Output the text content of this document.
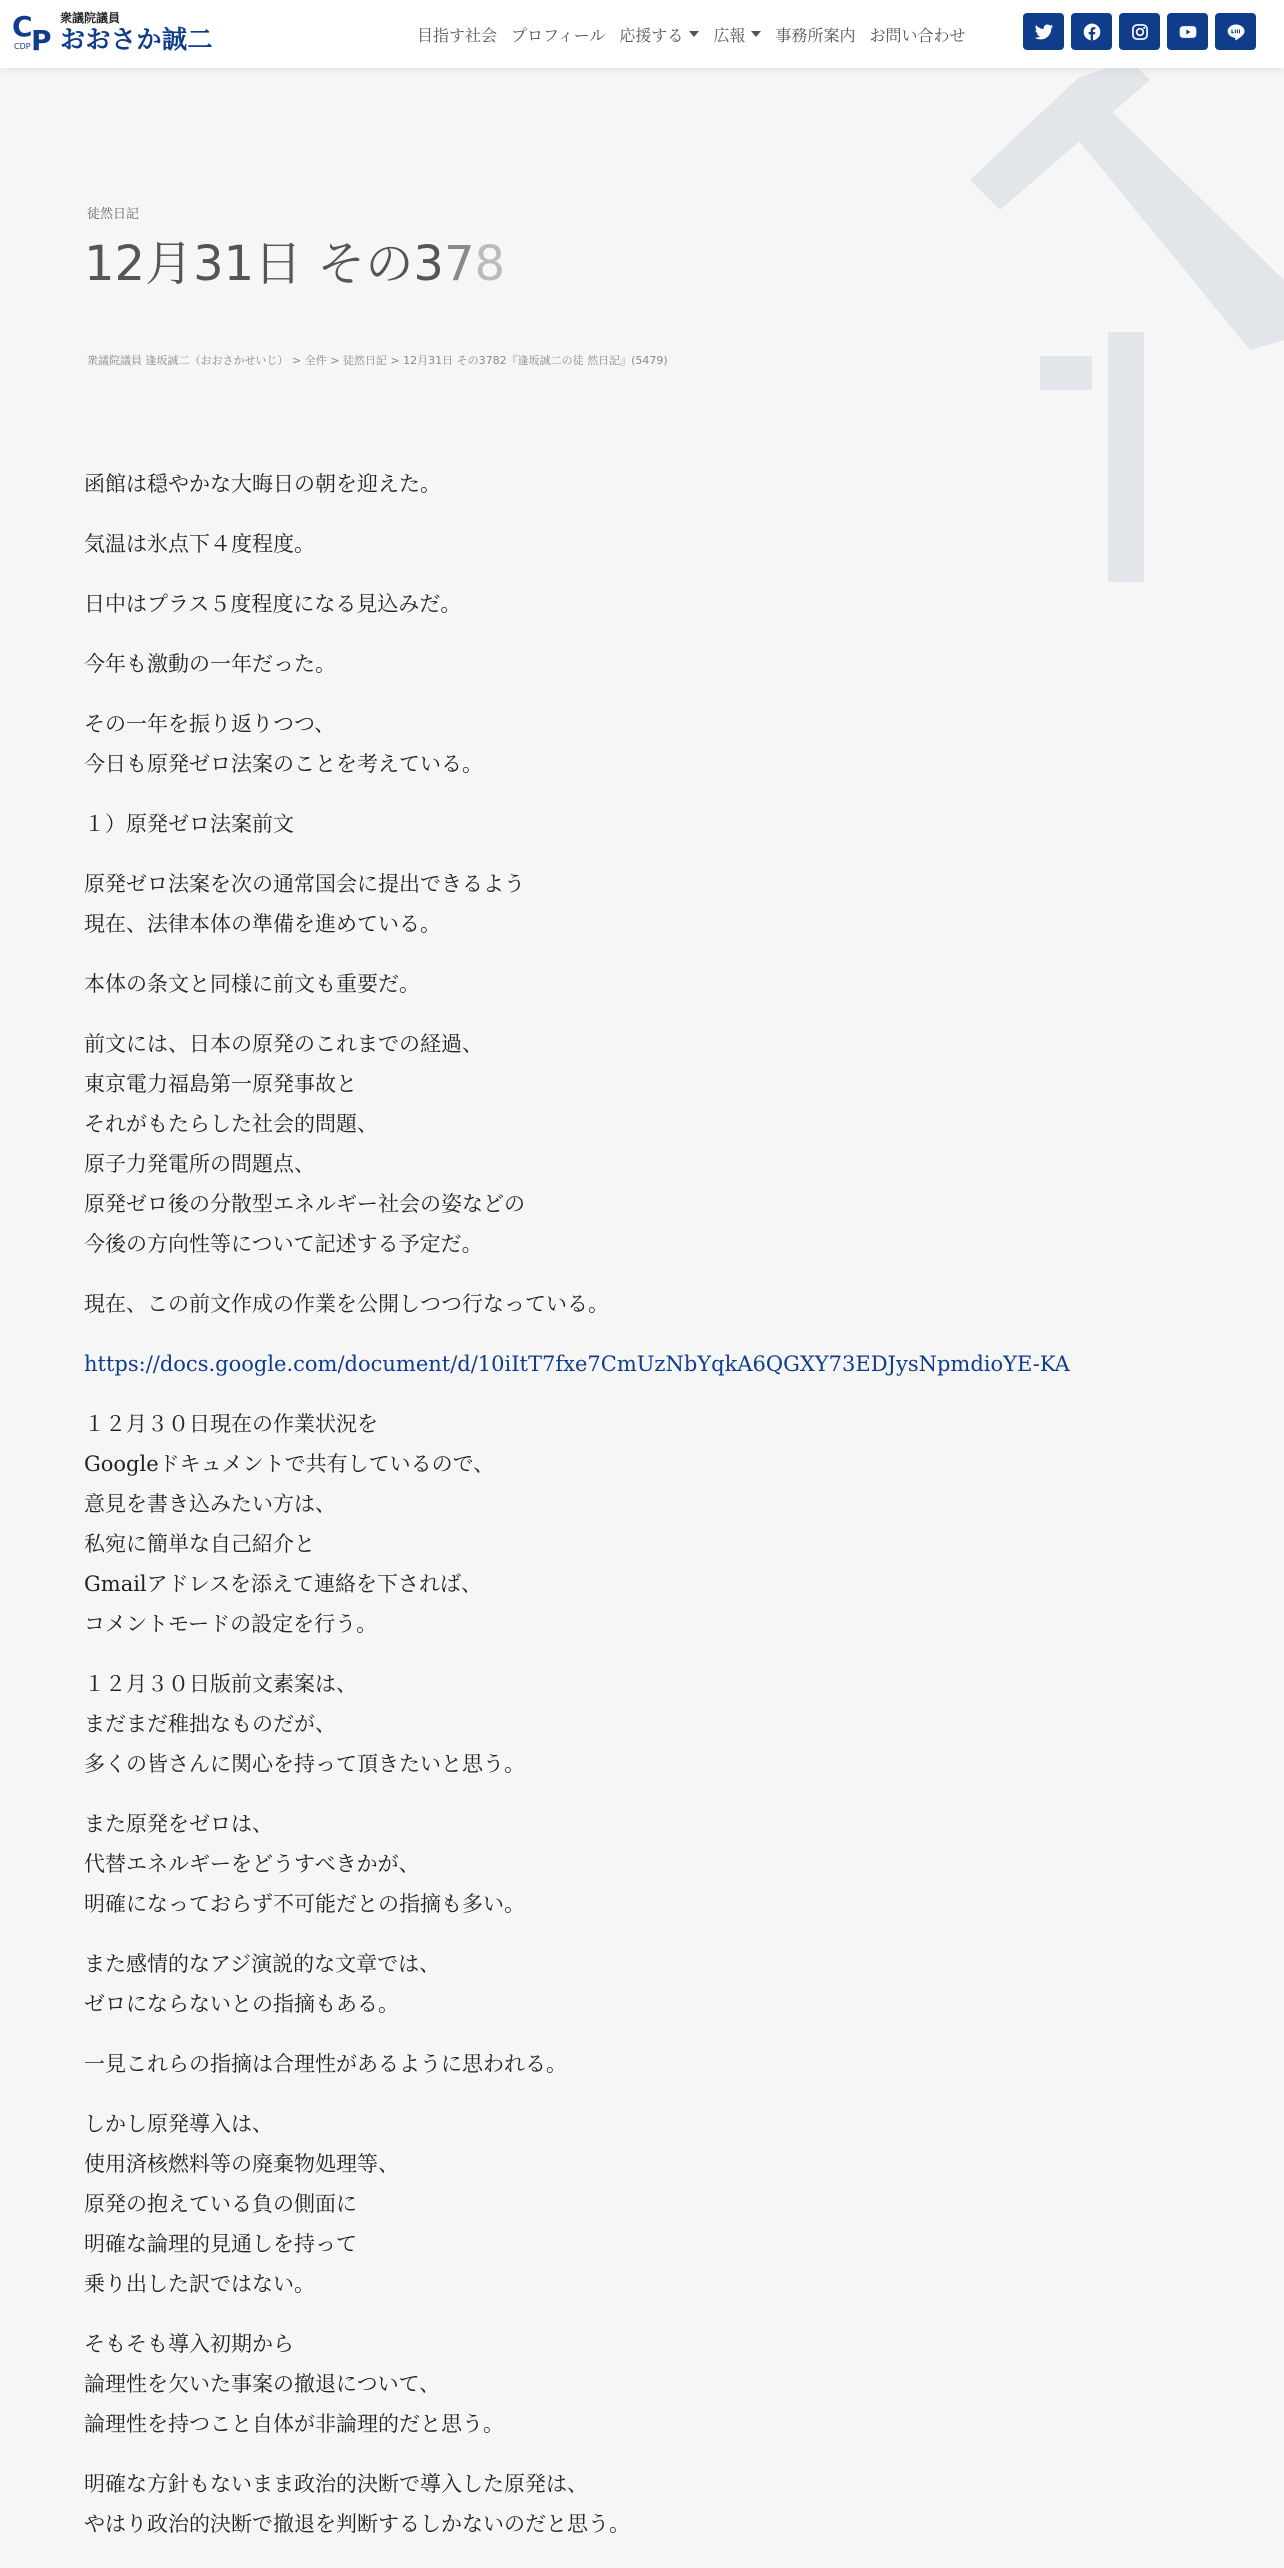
C P
CDP
衆議院議員
おおさか誠二	目指す社会 プロフィール 応援する 広報 事務所案内 お問い合わせ
徒然日記
12月31日 その378
衆議院議員 逢坂誠二（おおさかせいじ） > 全件 > 徒然日記 > 12月31日 その3782『逢坂誠二の徒 然日記』(5479)
函館は穏やかな大晦日の朝を迎えた。
気温は氷点下４度程度。
日中はプラス５度程度になる見込みだ。
今年も激動の一年だった。
その一年を振り返りつつ、
今日も原発ゼロ法案のことを考えている。
１）原発ゼロ法案前文
原発ゼロ法案を次の通常国会に提出できるよう
現在、法律本体の準備を進めている。
本体の条文と同様に前文も重要だ。
前文には、日本の原発のこれまでの経過、
東京電力福島第一原発事故と
それがもたらした社会的問題、
原子力発電所の問題点、
原発ゼロ後の分散型エネルギー社会の姿などの
今後の方向性等について記述する予定だ。
現在、この前文作成の作業を公開しつつ行なっている。
https://docs.google.com/document/d/10iItT7fxe7CmUzNbYqkA6QGXY73EDJysNpmdioYE-KA
１２月３０日現在の作業状況を
Googleドキュメントで共有しているので、
意見を書き込みたい方は、
私宛に簡単な自己紹介と
Gmailアドレスを添えて連絡を下されば、
コメントモードの設定を行う。
１２月３０日版前文素案は、
まだまだ稚拙なものだが、
多くの皆さんに関心を持って頂きたいと思う。
また原発をゼロは、
代替エネルギーをどうすべきかが、
明確になっておらず不可能だとの指摘も多い。
また感情的なアジ演説的な文章では、
ゼロにならないとの指摘もある。
一見これらの指摘は合理性があるように思われる。
しかし原発導入は、
使用済核燃料等の廃棄物処理等、
原発の抱えている負の側面に
明確な論理的見通しを持って
乗り出した訳ではない。
そもそも導入初期から
論理性を欠いた事案の撤退について、
論理性を持つこと自体が非論理的だと思う。
明確な方針もないまま政治的決断で導入した原発は、
やはり政治的決断で撤退を判断するしかないのだと思う。
